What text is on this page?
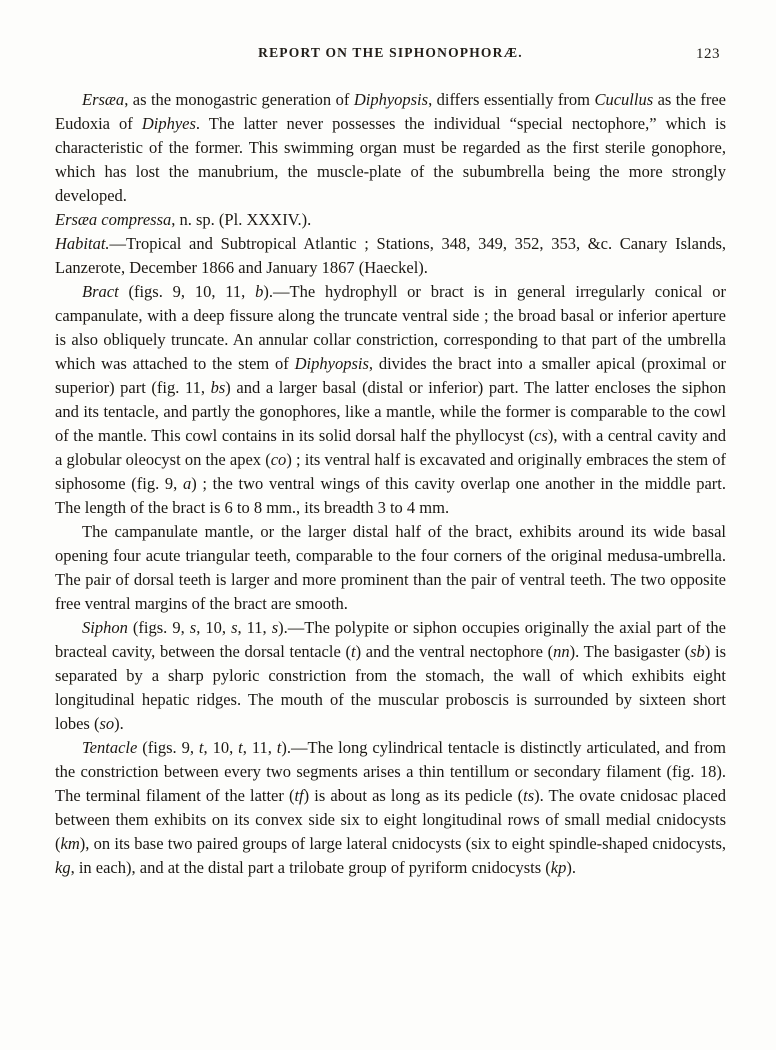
REPORT ON THE SIPHONOPHORÆ.	123

Ersæa, as the monogastric generation of Diphyopsis, differs essentially from Cucullus as the free Eudoxia of Diphyes. The latter never possesses the individual “special nectophore,” which is characteristic of the former. This swimming organ must be regarded as the first sterile gonophore, which has lost the manubrium, the muscle-plate of the subumbrella being the more strongly developed.

Ersæa compressa, n. sp. (Pl. XXXIV.).

Habitat.—Tropical and Subtropical Atlantic ; Stations, 348, 349, 352, 353, &c. Canary Islands, Lanzerote, December 1866 and January 1867 (Haeckel).

Bract (figs. 9, 10, 11, b).—The hydrophyll or bract is in general irregularly conical or campanulate, with a deep fissure along the truncate ventral side ; the broad basal or inferior aperture is also obliquely truncate. An annular collar constriction, corresponding to that part of the umbrella which was attached to the stem of Diphyopsis, divides the bract into a smaller apical (proximal or superior) part (fig. 11, bs) and a larger basal (distal or inferior) part. The latter encloses the siphon and its tentacle, and partly the gonophores, like a mantle, while the former is comparable to the cowl of the mantle. This cowl contains in its solid dorsal half the phyllocyst (cs), with a central cavity and a globular oleocyst on the apex (co) ; its ventral half is excavated and originally embraces the stem of siphosome (fig. 9, a) ; the two ventral wings of this cavity overlap one another in the middle part. The length of the bract is 6 to 8 mm., its breadth 3 to 4 mm.

The campanulate mantle, or the larger distal half of the bract, exhibits around its wide basal opening four acute triangular teeth, comparable to the four corners of the original medusa-umbrella. The pair of dorsal teeth is larger and more prominent than the pair of ventral teeth. The two opposite free ventral margins of the bract are smooth.

Siphon (figs. 9, s, 10, s, 11, s).—The polypite or siphon occupies originally the axial part of the bracteal cavity, between the dorsal tentacle (t) and the ventral nectophore (nn). The basigaster (sb) is separated by a sharp pyloric constriction from the stomach, the wall of which exhibits eight longitudinal hepatic ridges. The mouth of the muscular proboscis is surrounded by sixteen short lobes (so).

Tentacle (figs. 9, t, 10, t, 11, t).—The long cylindrical tentacle is distinctly articulated, and from the constriction between every two segments arises a thin tentillum or secondary filament (fig. 18). The terminal filament of the latter (tf) is about as long as its pedicle (ts). The ovate cnidosac placed between them exhibits on its convex side six to eight longitudinal rows of small medial cnidocysts (km), on its base two paired groups of large lateral cnidocysts (six to eight spindle-shaped cnidocysts, kg, in each), and at the distal part a trilobate group of pyriform cnidocysts (kp).
